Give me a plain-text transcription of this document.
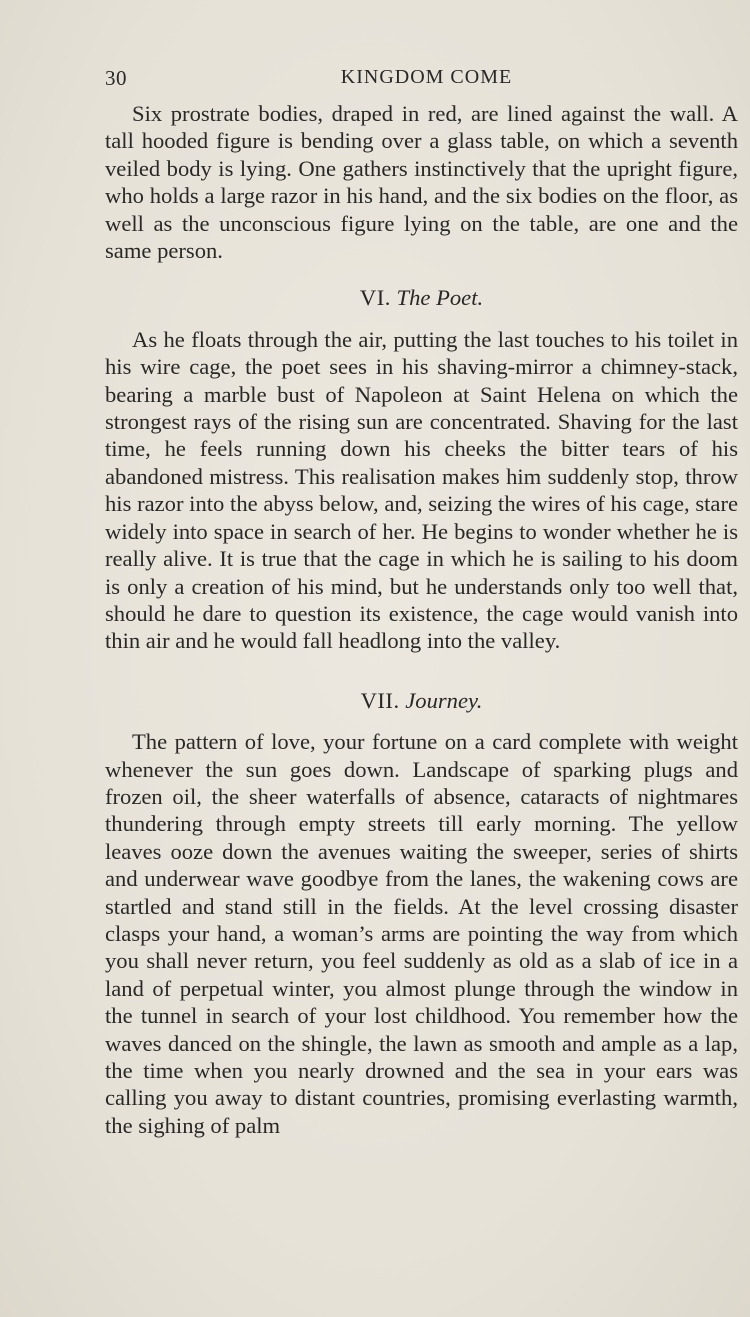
30	KINGDOM COME

Six prostrate bodies, draped in red, are lined against the wall. A tall hooded figure is bending over a glass table, on which a seventh veiled body is lying. One gathers instinctively that the upright figure, who holds a large razor in his hand, and the six bodies on the floor, as well as the unconscious figure lying on the table, are one and the same person.

VI. The Poet.

As he floats through the air, putting the last touches to his toilet in his wire cage, the poet sees in his shaving-mirror a chimney-stack, bearing a marble bust of Napoleon at Saint Helena on which the strongest rays of the rising sun are concentrated. Shaving for the last time, he feels running down his cheeks the bitter tears of his abandoned mistress. This realisation makes him suddenly stop, throw his razor into the abyss below, and, seizing the wires of his cage, stare widely into space in search of her. He begins to wonder whether he is really alive. It is true that the cage in which he is sailing to his doom is only a creation of his mind, but he understands only too well that, should he dare to question its existence, the cage would vanish into thin air and he would fall headlong into the valley.

VII. Journey.

The pattern of love, your fortune on a card complete with weight whenever the sun goes down. Landscape of sparking plugs and frozen oil, the sheer waterfalls of absence, cataracts of nightmares thundering through empty streets till early morning. The yellow leaves ooze down the avenues waiting the sweeper, series of shirts and underwear wave goodbye from the lanes, the wakening cows are startled and stand still in the fields. At the level crossing disaster clasps your hand, a woman’s arms are pointing the way from which you shall never return, you feel suddenly as old as a slab of ice in a land of perpetual winter, you almost plunge through the window in the tunnel in search of your lost childhood. You remember how the waves danced on the shingle, the lawn as smooth and ample as a lap, the time when you nearly drowned and the sea in your ears was calling you away to distant countries, promising everlasting warmth, the sighing of palm
